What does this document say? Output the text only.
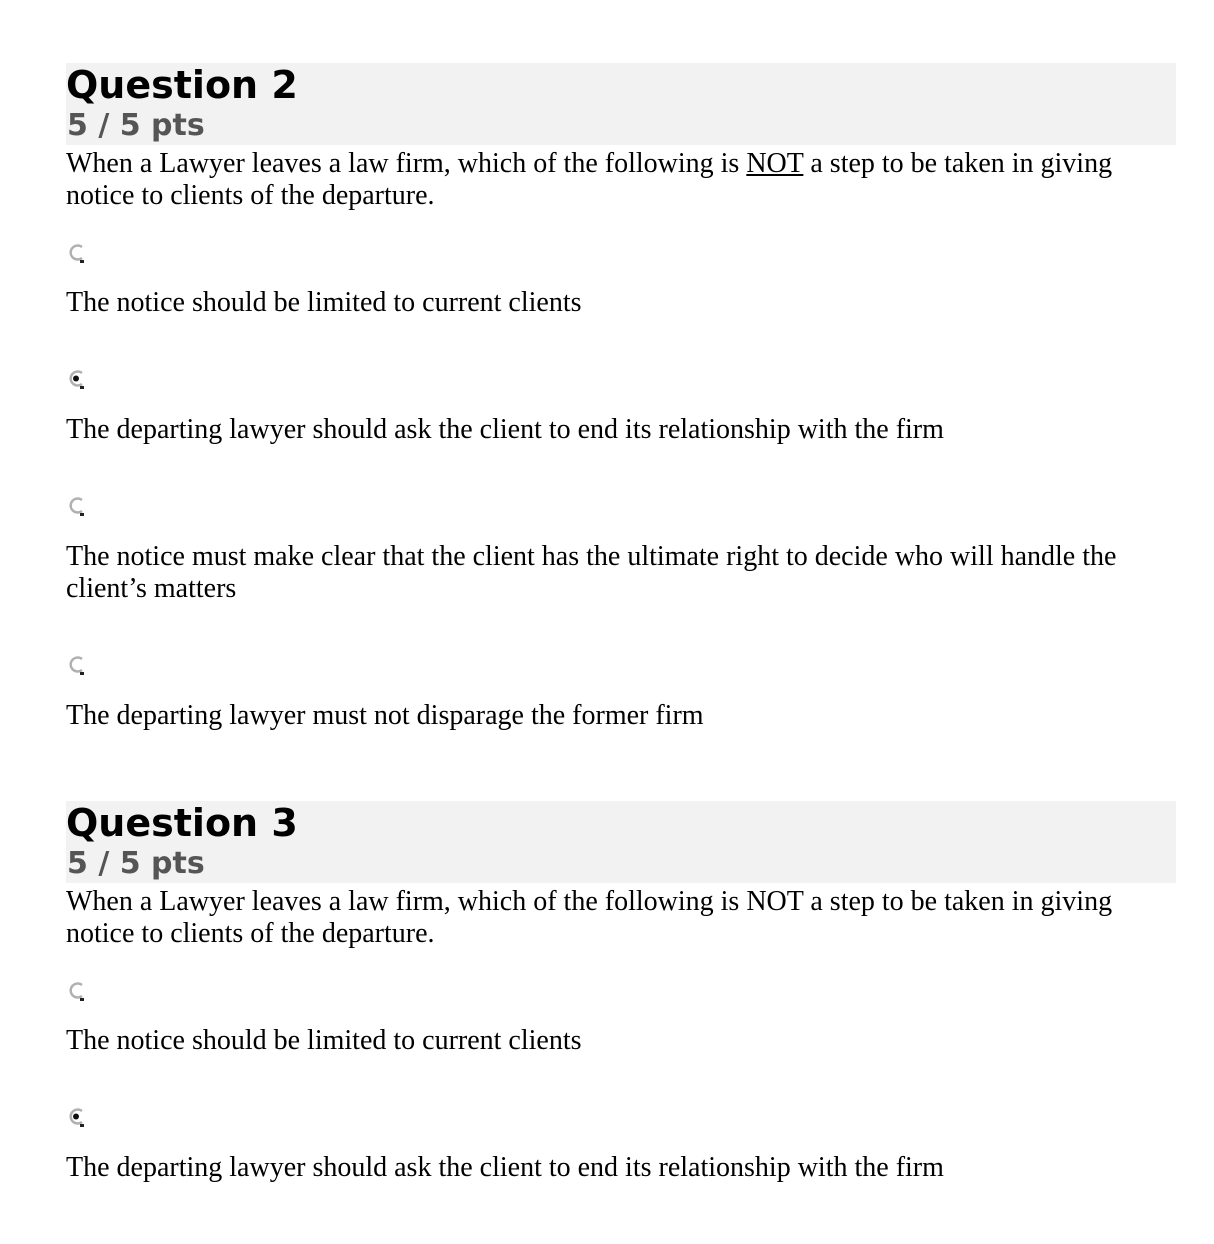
Question 2
5 / 5 pts

When a Lawyer leaves a law firm, which of the following is NOT a step to be taken in giving notice to clients of the departure.

The notice should be limited to current clients

The departing lawyer should ask the client to end its relationship with the firm

The notice must make clear that the client has the ultimate right to decide who will handle the client’s matters

The departing lawyer must not disparage the former firm

Question 3
5 / 5 pts

When a Lawyer leaves a law firm, which of the following is NOT a step to be taken in giving notice to clients of the departure.

The notice should be limited to current clients

The departing lawyer should ask the client to end its relationship with the firm
